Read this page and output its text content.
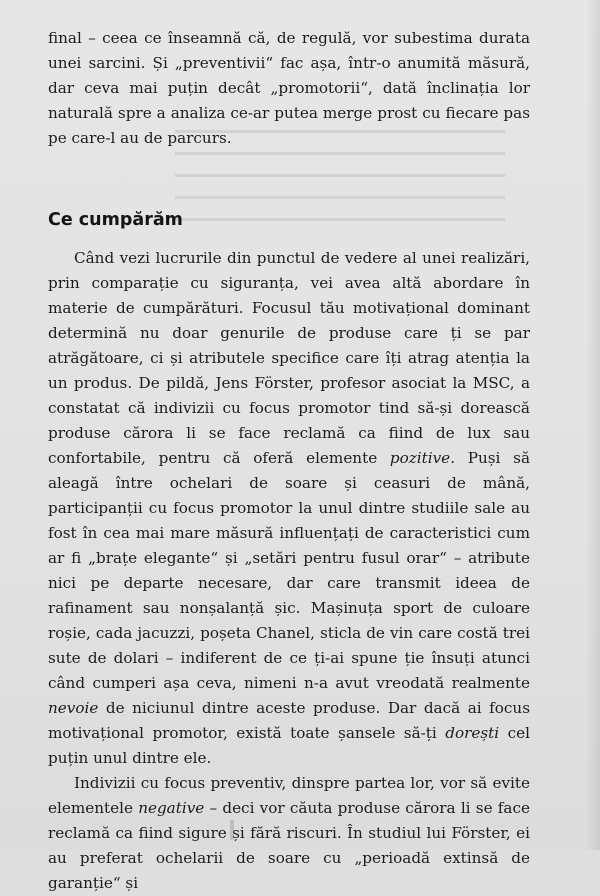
final – ceea ce înseamnă că, de regulă, vor subestima durata unei sarcini. Și „preventivii“ fac așa, într-o anumită măsură, dar ceva mai puțin decât „promotorii“, dată înclinația lor naturală spre a analiza ce-ar putea merge prost cu fiecare pas pe care-l au de parcurs.

Ce cumpărăm

Când vezi lucrurile din punctul de vedere al unei realizări, prin comparație cu siguranța, vei avea altă abordare în materie de cumpărături. Focusul tău motivațional dominant determină nu doar genurile de produse care ți se par atrăgătoare, ci și atributele specifice care îți atrag atenția la un produs. De pildă, Jens Förster, profesor asociat la MSC, a constatat că indivizii cu focus promotor tind să-și dorească produse cărora li se face reclamă ca fiind de lux sau confortabile, pentru că oferă elemente pozitive. Puși să aleagă între ochelari de soare și ceasuri de mână, participanții cu focus promotor la unul dintre studiile sale au fost în cea mai mare măsură influențați de caracteristici cum ar fi „brațe elegante“ și „setări pentru fusul orar“ – atribute nici pe departe necesare, dar care transmit ideea de rafinament sau nonșalanță șic. Mașinuța sport de culoare roșie, cada jacuzzi, poșeta Chanel, sticla de vin care costă trei sute de dolari – indiferent de ce ți-ai spune ție însuți atunci când cumperi așa ceva, nimeni n-a avut vreodată realmente nevoie de niciunul dintre aceste produse. Dar dacă ai focus motivațional promotor, există toate șansele să-ți dorești cel puțin unul dintre ele.

Indivizii cu focus preventiv, dinspre partea lor, vor să evite elementele negative – deci vor căuta produse cărora li se face reclamă ca fiind sigure și fără riscuri. În studiul lui Förster, ei au preferat ochelarii de soare cu „perioadă extinsă de garanție“ și
